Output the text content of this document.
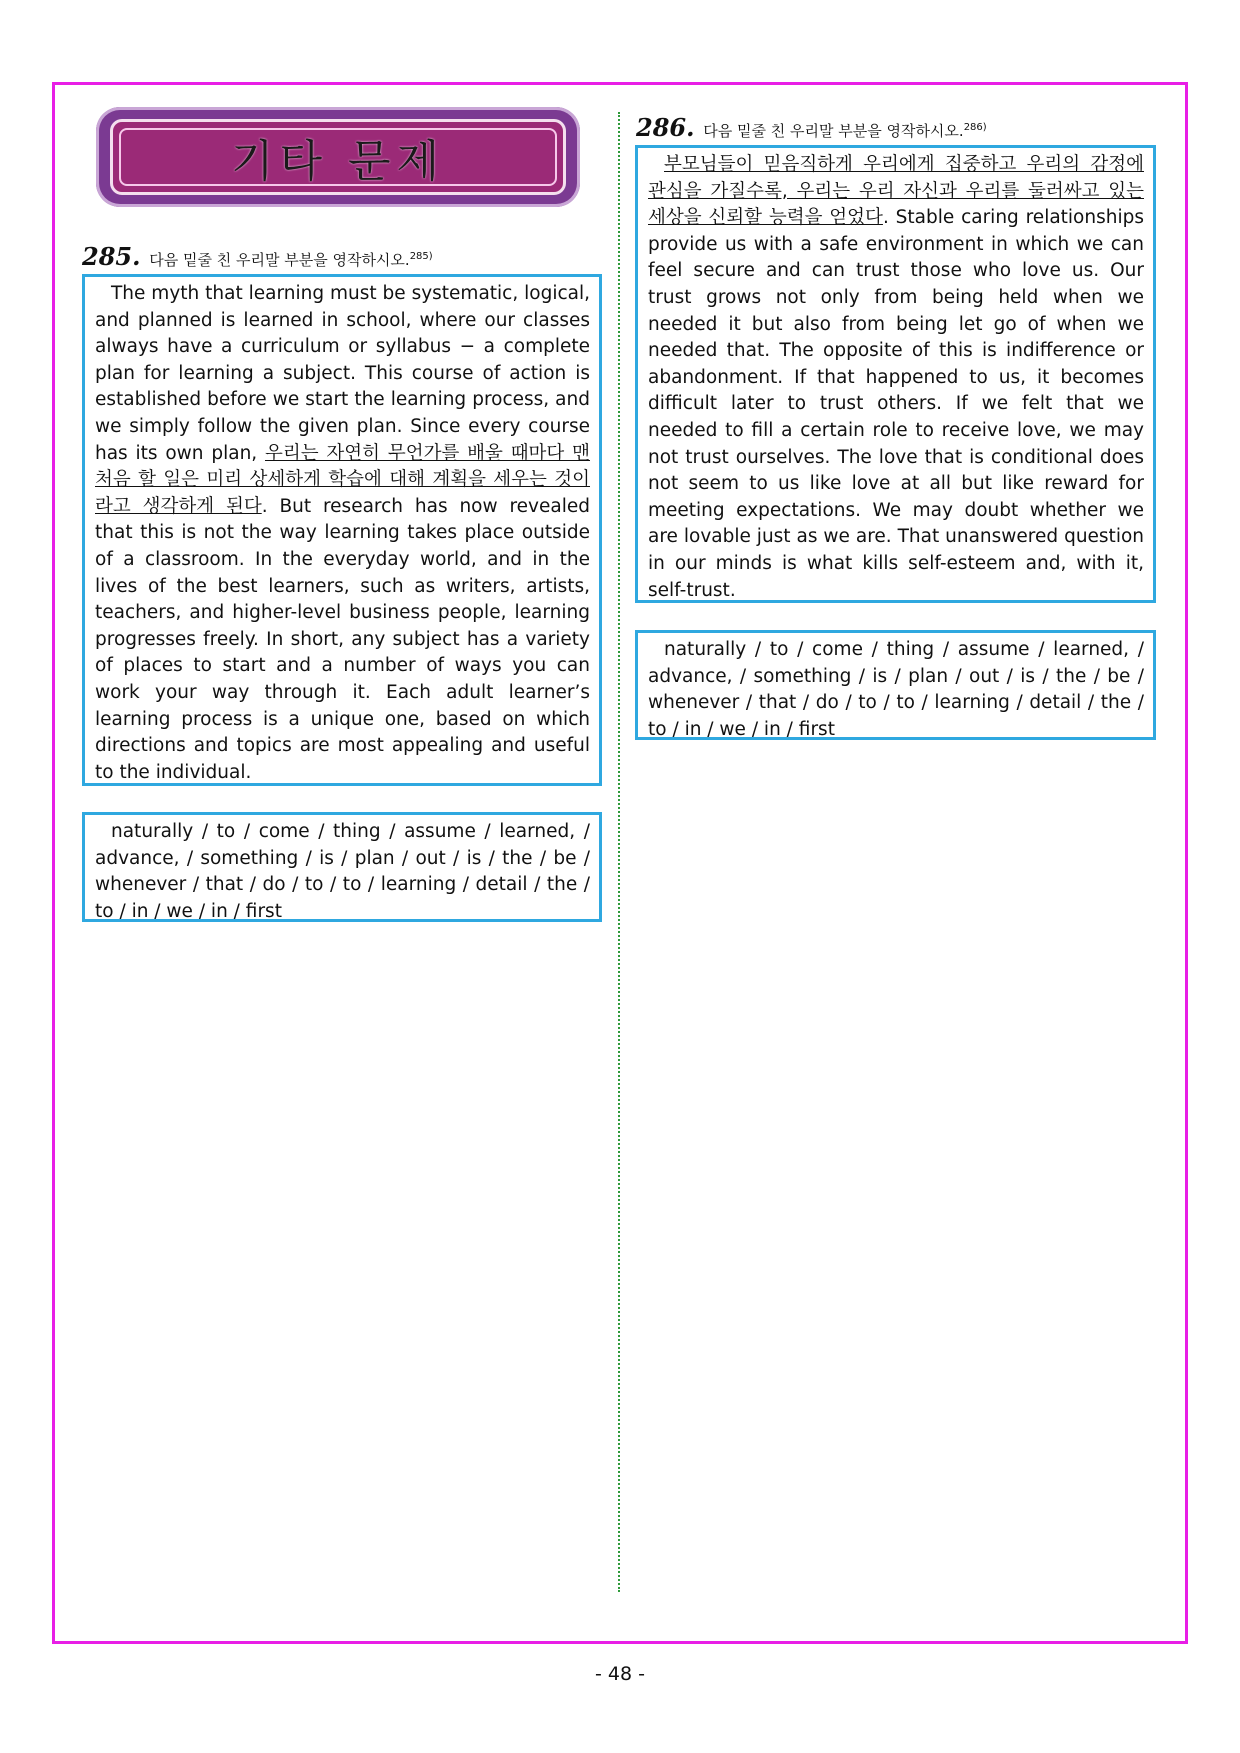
기타 문제
285. 다음 밑줄 친 우리말 부분을 영작하시오.$^{285)}$
The myth that learning must be systematic, logical, and planned is learned in school, where our classes always have a curriculum or syllabus − a complete plan for learning a subject. This course of action is established before we start the learning process, and we simply follow the given plan. Since every course has its own plan, 우리는 자연히 무언가를 배울 때마다 맨 처음 할 일은 미리 상세하게 학습에 대해 계획을 세우는 것이라고 생각하게 된다. But research has now revealed that this is not the way learning takes place outside of a classroom. In the everyday world, and in the lives of the best learners, such as writers, artists, teachers, and higher-level business people, learning progresses freely. In short, any subject has a variety of places to start and a number of ways you can work your way through it. Each adult learner’s learning process is a unique one, based on which directions and topics are most appealing and useful to the individual.
naturally / to / come / thing / assume / learned, / advance, / something / is / plan / out / is / the / be / whenever / that / do / to / to / learning / detail / the / to / in / we / in / first
286. 다음 밑줄 친 우리말 부분을 영작하시오.$^{286)}$
부모님들이 믿음직하게 우리에게 집중하고 우리의 감정에 관심을 가질수록, 우리는 우리 자신과 우리를 둘러싸고 있는 세상을 신뢰할 능력을 얻었다. Stable caring relationships provide us with a safe environment in which we can feel secure and can trust those who love us. Our trust grows not only from being held when we needed it but also from being let go of when we needed that. The opposite of this is indifference or abandonment. If that happened to us, it becomes difficult later to trust others. If we felt that we needed to fill a certain role to receive love, we may not trust ourselves. The love that is conditional does not seem to us like love at all but like reward for meeting expectations. We may doubt whether we are lovable just as we are. That unanswered question in our minds is what kills self-esteem and, with it, self-trust.
naturally / to / come / thing / assume / learned, / advance, / something / is / plan / out / is / the / be / whenever / that / do / to / to / learning / detail / the / to / in / we / in / first
- 48 -
